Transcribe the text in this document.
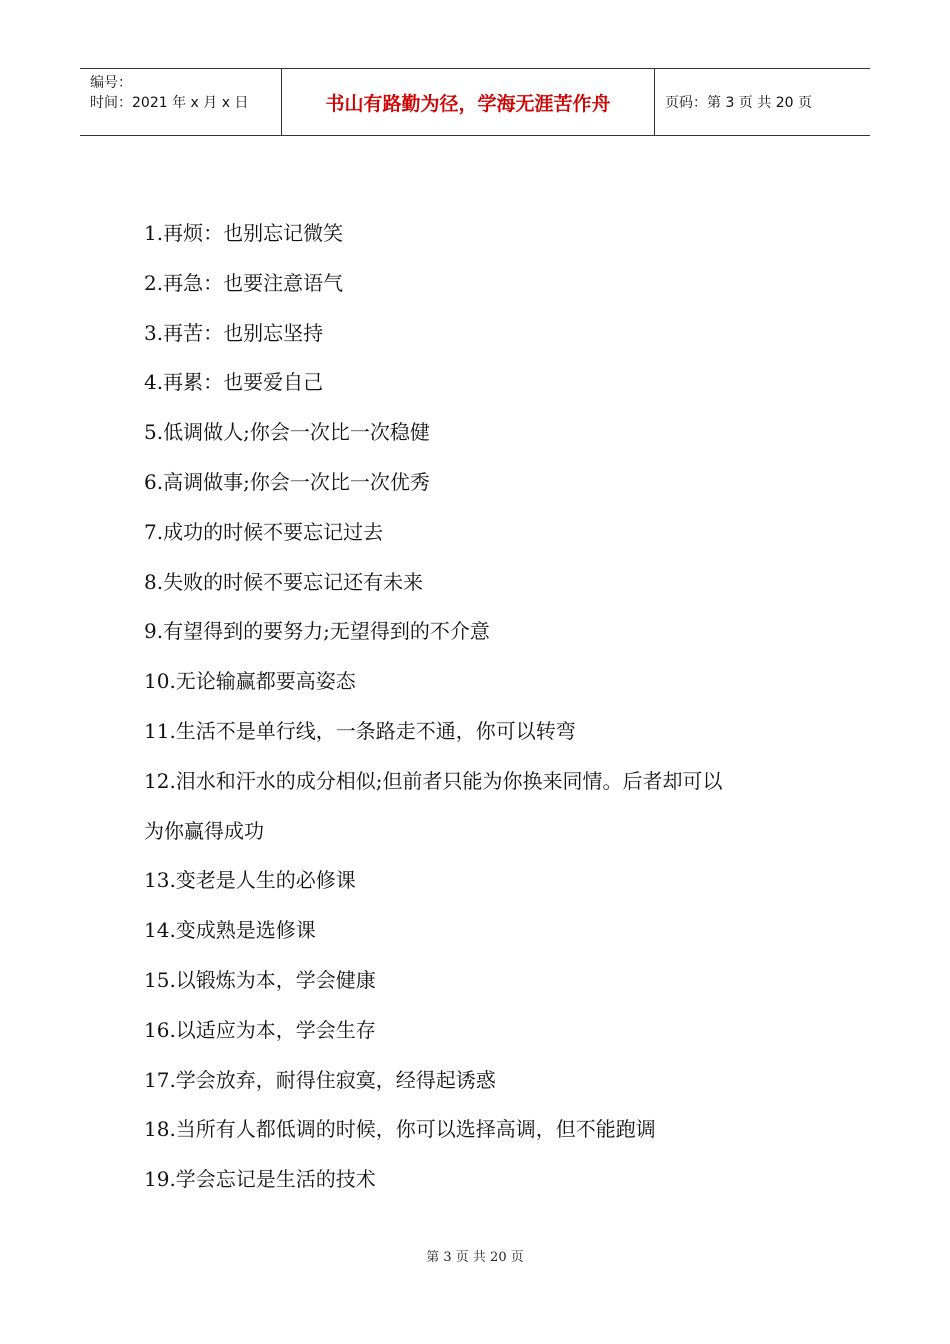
编号：
时间：2021 年 x 月 x 日	书山有路勤为径，学海无涯苦作舟	页码：第 3 页 共 20 页
1.再烦：也别忘记微笑
2.再急：也要注意语气
3.再苦：也别忘坚持
4.再累：也要爱自己
5.低调做人;你会一次比一次稳健
6.高调做事;你会一次比一次优秀
7.成功的时候不要忘记过去
8.失败的时候不要忘记还有未来
9.有望得到的要努力;无望得到的不介意
10.无论输赢都要高姿态
11.生活不是单行线，一条路走不通，你可以转弯
12.泪水和汗水的成分相似;但前者只能为你换来同情。后者却可以
为你赢得成功
13.变老是人生的必修课
14.变成熟是选修课
15.以锻炼为本，学会健康
16.以适应为本，学会生存
17.学会放弃，耐得住寂寞，经得起诱惑
18.当所有人都低调的时候，你可以选择高调，但不能跑调
19.学会忘记是生活的技术
第 3 页 共 20 页
